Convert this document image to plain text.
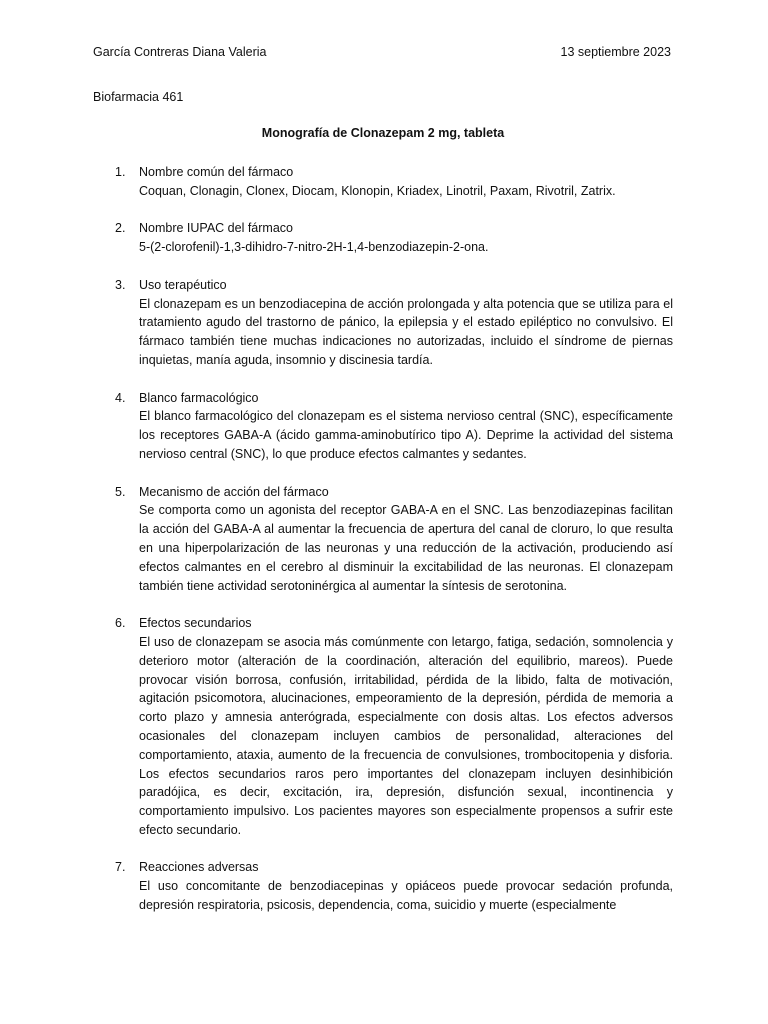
García Contreras Diana Valeria	13 septiembre 2023
Biofarmacia 461
Monografía de Clonazepam 2 mg, tableta
1. Nombre común del fármaco
Coquan, Clonagin, Clonex, Diocam, Klonopin, Kriadex, Linotril, Paxam, Rivotril, Zatrix.
2. Nombre IUPAC del fármaco
5-(2-clorofenil)-1,3-dihidro-7-nitro-2H-1,4-benzodiazepin-2-ona.
3. Uso terapéutico
El clonazepam es un benzodiacepina de acción prolongada y alta potencia que se utiliza para el tratamiento agudo del trastorno de pánico, la epilepsia y el estado epiléptico no convulsivo. El fármaco también tiene muchas indicaciones no autorizadas, incluido el síndrome de piernas inquietas, manía aguda, insomnio y discinesia tardía.
4. Blanco farmacológico
El blanco farmacológico del clonazepam es el sistema nervioso central (SNC), específicamente los receptores GABA-A (ácido gamma-aminobutírico tipo A). Deprime la actividad del sistema nervioso central (SNC), lo que produce efectos calmantes y sedantes.
5. Mecanismo de acción del fármaco
Se comporta como un agonista del receptor GABA-A en el SNC. Las benzodiazepinas facilitan la acción del GABA-A al aumentar la frecuencia de apertura del canal de cloruro, lo que resulta en una hiperpolarización de las neuronas y una reducción de la activación, produciendo así efectos calmantes en el cerebro al disminuir la excitabilidad de las neuronas. El clonazepam también tiene actividad serotoninérgica al aumentar la síntesis de serotonina.
6. Efectos secundarios
El uso de clonazepam se asocia más comúnmente con letargo, fatiga, sedación, somnolencia y deterioro motor (alteración de la coordinación, alteración del equilibrio, mareos). Puede provocar visión borrosa, confusión, irritabilidad, pérdida de la libido, falta de motivación, agitación psicomotora, alucinaciones, empeoramiento de la depresión, pérdida de memoria a corto plazo y amnesia anterógrada, especialmente con dosis altas. Los efectos adversos ocasionales del clonazepam incluyen cambios de personalidad, alteraciones del comportamiento, ataxia, aumento de la frecuencia de convulsiones, trombocitopenia y disforia. Los efectos secundarios raros pero importantes del clonazepam incluyen desinhibición paradójica, es decir, excitación, ira, depresión, disfunción sexual, incontinencia y comportamiento impulsivo. Los pacientes mayores son especialmente propensos a sufrir este efecto secundario.
7. Reacciones adversas
El uso concomitante de benzodiacepinas y opiáceos puede provocar sedación profunda, depresión respiratoria, psicosis, dependencia, coma, suicidio y muerte (especialmente
